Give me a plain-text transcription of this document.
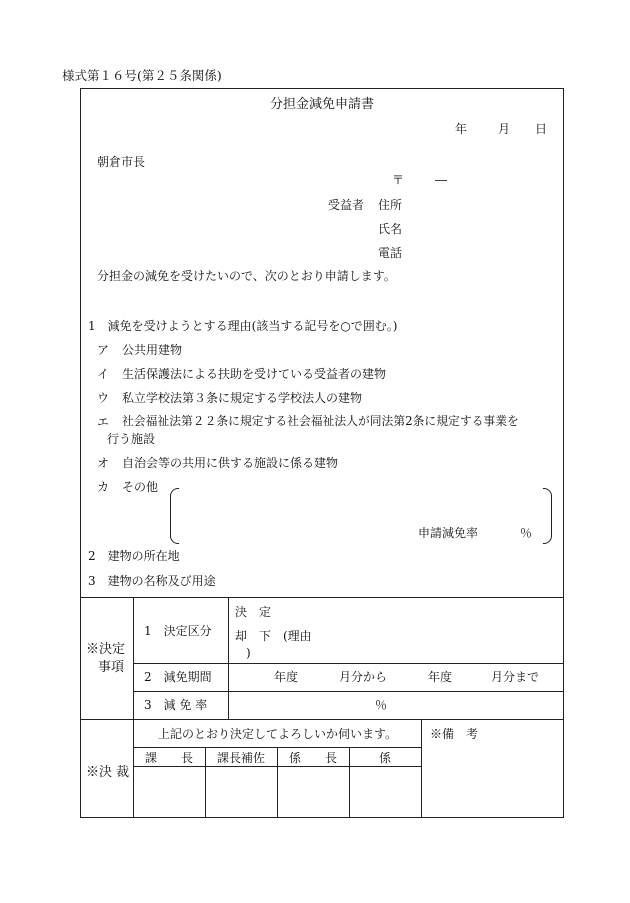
様式第１６号(第２５条関係)
分担金減免申請書
年	月 日
朝倉市長
〒	―
受益者 住所
氏名
電話
分担金の減免を受けたいので、次のとおり申請します。
1　減免を受けようとする理由(該当する記号を○で囲む。)
ア 公共用建物
イ 生活保護法による扶助を受けている受益者の建物
ウ 私立学校法第３条に規定する学校法人の建物
エ 社会福祉法第２２条に規定する社会福祉法人が同法第2条に規定する事業を
行う施設
オ 自治会等の共用に供する施設に係る建物
カ その他
申請減免率	％
2　建物の所在地
3　建物の名称及び用途
※決定
事項
1　決定区分
決　定
却　下　(理由
)
2　減免期間	年度	月分から	年度	月分まで
3　減 免 率	％
※決 裁
上記のとおり決定してよろしいか伺います。	※備　考
課　　長	課長補佐	係　　長	係
